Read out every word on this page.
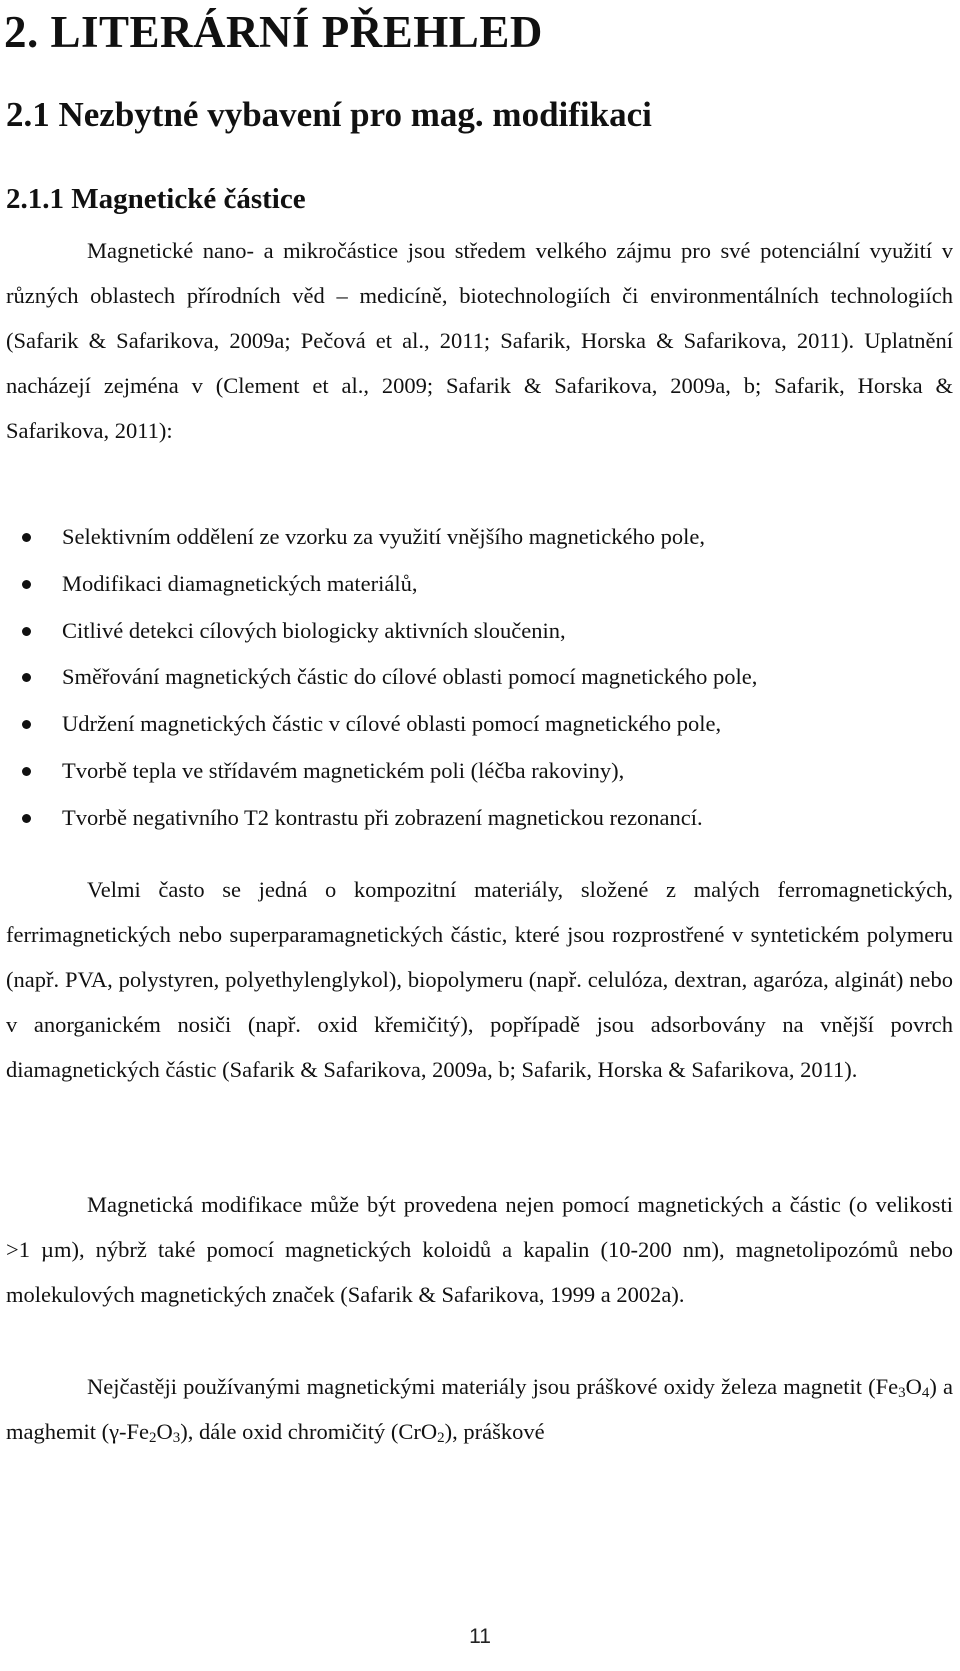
2. LITERÁRNÍ PŘEHLED
2.1 Nezbytné vybavení pro mag. modifikaci
2.1.1 Magnetické částice

Magnetické nano- a mikročástice jsou středem velkého zájmu pro své potenciální využití v různých oblastech přírodních věd – medicíně, biotechnologiích či environmentálních technologiích (Safarik & Safarikova, 2009a; Pečová et al., 2011; Safarik, Horska & Safarikova, 2011). Uplatnění nacházejí zejména v (Clement et al., 2009; Safarik & Safarikova, 2009a, b; Safarik, Horska & Safarikova, 2011):

Selektivním oddělení ze vzorku za využití vnějšího magnetického pole,
Modifikaci diamagnetických materiálů,
Citlivé detekci cílových biologicky aktivních sloučenin,
Směřování magnetických částic do cílové oblasti pomocí magnetického pole,
Udržení magnetických částic v cílové oblasti pomocí magnetického pole,
Tvorbě tepla ve střídavém magnetickém poli (léčba rakoviny),
Tvorbě negativního T2 kontrastu při zobrazení magnetickou rezonancí.

Velmi často se jedná o kompozitní materiály, složené z malých ferromagnetických, ferrimagnetických nebo superparamagnetických částic, které jsou rozprostřené v syntetickém polymeru (např. PVA, polystyren, polyethylenglykol), biopolymeru (např. celulóza, dextran, agaróza, alginát) nebo v anorganickém nosiči (např. oxid křemičitý), popřípadě jsou adsorbovány na vnější povrch diamagnetických částic (Safarik & Safarikova, 2009a, b; Safarik, Horska & Safarikova, 2011).

Magnetická modifikace může být provedena nejen pomocí magnetických a částic (o velikosti >1 µm), nýbrž také pomocí magnetických koloidů a kapalin (10-200 nm), magnetolipozómů nebo molekulových magnetických značek (Safarik & Safarikova, 1999 a 2002a).

Nejčastěji používanými magnetickými materiály jsou práškové oxidy železa magnetit $(Fe_3O_4)$ a maghemit $(\gamma-Fe_2O_3)$, dále oxid chromičitý (CrO$_2$), práškové

11
